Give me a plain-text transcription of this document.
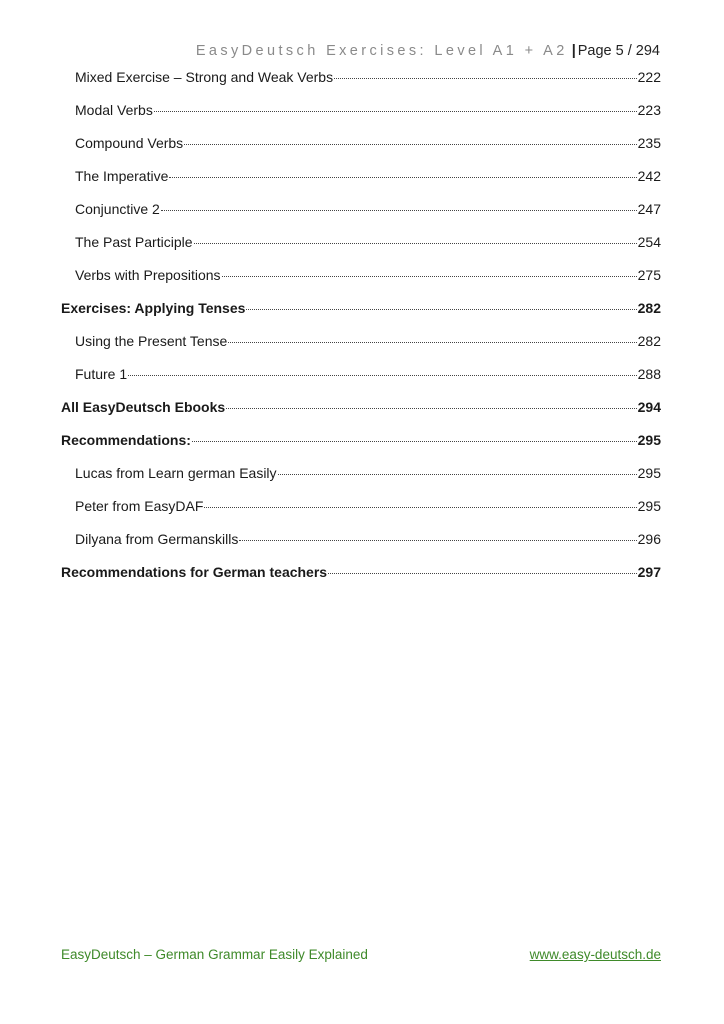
EasyDeutsch Exercises: Level A1 + A2 | Page 5 / 294
Mixed Exercise – Strong and Weak Verbs	222
Modal Verbs	223
Compound Verbs	235
The Imperative	242
Conjunctive 2	247
The Past Participle	254
Verbs with Prepositions	275
Exercises: Applying Tenses	282
Using the Present Tense	282
Future 1	288
All EasyDeutsch Ebooks	294
Recommendations:	295
Lucas from Learn german Easily	295
Peter from EasyDAF	295
Dilyana from Germanskills	296
Recommendations for German teachers	297
EasyDeutsch – German Grammar Easily Explained	www.easy-deutsch.de
